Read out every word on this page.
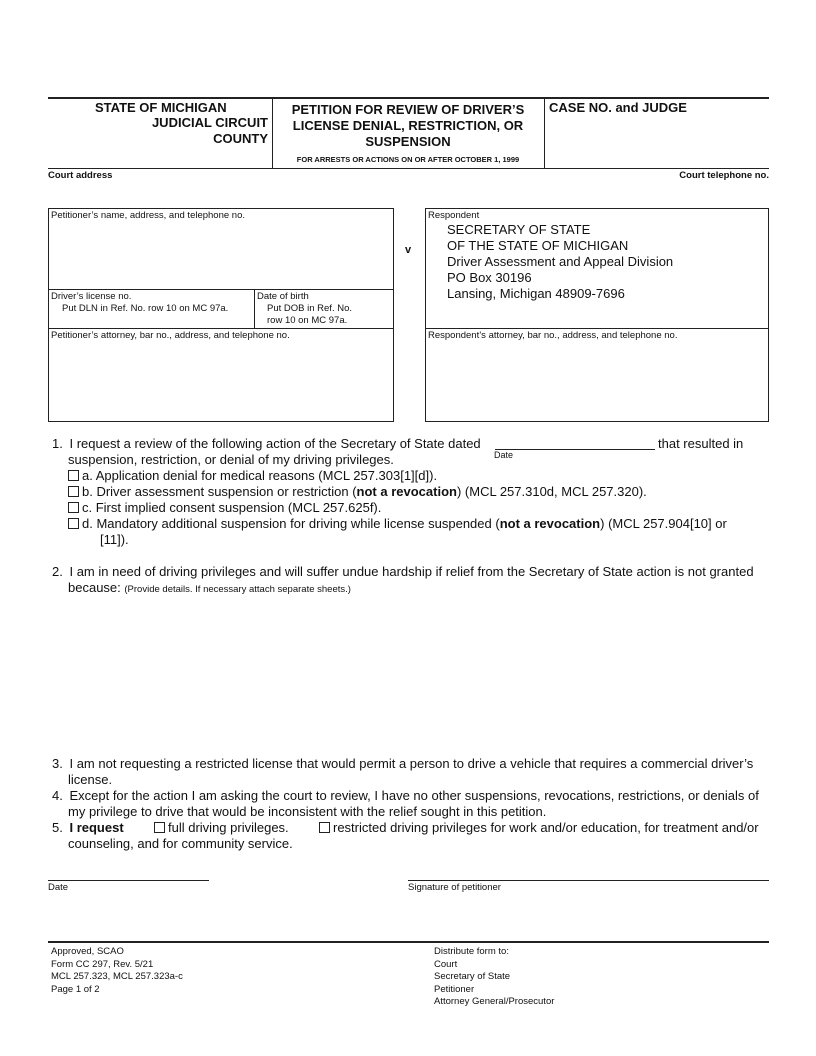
STATE OF MICHIGAN
JUDICIAL CIRCUIT
COUNTY
PETITION FOR REVIEW OF DRIVER’S
LICENSE DENIAL, RESTRICTION, OR
SUSPENSION
FOR ARRESTS OR ACTIONS ON OR AFTER OCTOBER 1, 1999
CASE NO. and JUDGE
Court address	Court telephone no.
Petitioner’s name, address, and telephone no.
Driver’s license no.
Put DLN in Ref. No. row 10 on MC 97a.
Date of birth
Put DOB in Ref. No.
row 10 on MC 97a.
Petitioner’s attorney, bar no., address, and telephone no.
v
Respondent
SECRETARY OF STATE
OF THE STATE OF MICHIGAN
Driver Assessment and Appeal Division
PO Box 30196
Lansing, Michigan 48909-7696
Respondent’s attorney, bar no., address, and telephone no.
1. I request a review of the following action of the Secretary of State dated
Date
that resulted in
suspension, restriction, or denial of my driving privileges.
a. Application denial for medical reasons (MCL 257.303[1][d]).
b. Driver assessment suspension or restriction (not a revocation) (MCL 257.310d, MCL 257.320).
c. First implied consent suspension (MCL 257.625f).
d. Mandatory additional suspension for driving while license suspended (not a revocation) (MCL 257.904[10] or
[11]).
2. I am in need of driving privileges and will suffer undue hardship if relief from the Secretary of State action is not granted
because: (Provide details. If necessary attach separate sheets.)
3. I am not requesting a restricted license that would permit a person to drive a vehicle that requires a commercial driver’s
license.
4. Except for the action I am asking the court to review, I have no other suspensions, revocations, restrictions, or denials of
my privilege to drive that would be inconsistent with the relief sought in this petition.
5. I request	full driving privileges.	restricted driving privileges for work and/or education, for treatment and/or
counseling, and for community service.
Date	Signature of petitioner
Approved, SCAO
Form CC 297, Rev. 5/21
MCL 257.323, MCL 257.323a-c
Page 1 of 2
Distribute form to:
Court
Secretary of State
Petitioner
Attorney General/Prosecutor
